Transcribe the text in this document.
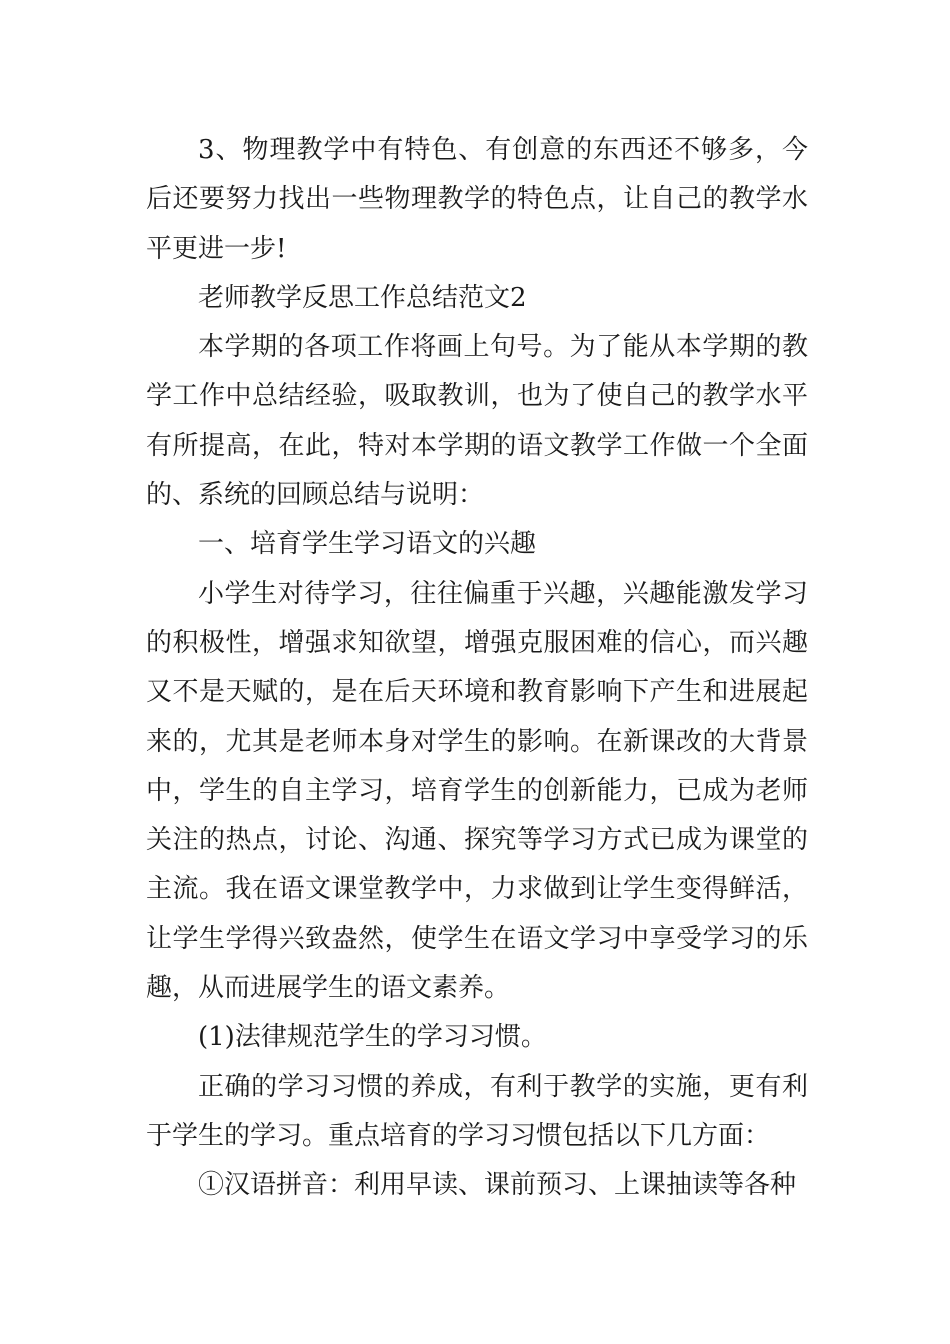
3、物理教学中有特色、有创意的东西还不够多，今后还要努力找出一些物理教学的特色点，让自己的教学水平更进一步!

老师教学反思工作总结范文2

本学期的各项工作将画上句号。为了能从本学期的教学工作中总结经验，吸取教训，也为了使自己的教学水平有所提高，在此，特对本学期的语文教学工作做一个全面的、系统的回顾总结与说明：

一、培育学生学习语文的兴趣

小学生对待学习，往往偏重于兴趣，兴趣能激发学习的积极性，增强求知欲望，增强克服困难的信心，而兴趣又不是天赋的，是在后天环境和教育影响下产生和进展起来的，尤其是老师本身对学生的影响。在新课改的大背景中，学生的自主学习，培育学生的创新能力，已成为老师关注的热点，讨论、沟通、探究等学习方式已成为课堂的主流。我在语文课堂教学中，力求做到让学生变得鲜活，让学生学得兴致盎然，使学生在语文学习中享受学习的乐趣，从而进展学生的语文素养。

(1)法律规范学生的学习习惯。

正确的学习习惯的养成，有利于教学的实施，更有利于学生的学习。重点培育的学习习惯包括以下几方面：

①汉语拼音：利用早读、课前预习、上课抽读等各种
